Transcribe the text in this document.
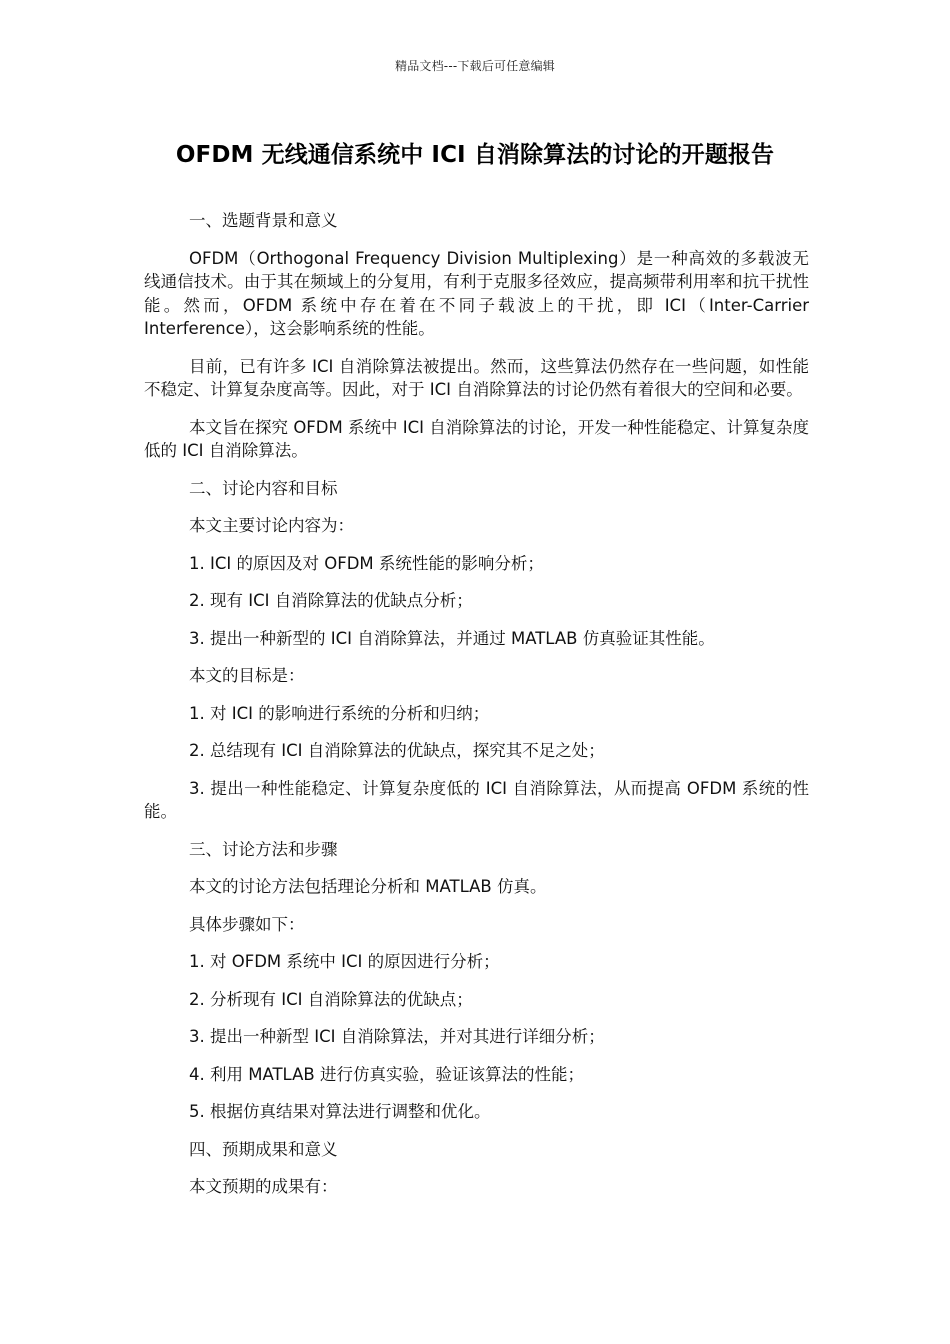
精品文档---下载后可任意编辑
OFDM 无线通信系统中 ICI 自消除算法的讨论的开题报告

一、选题背景和意义

OFDM（Orthogonal Frequency Division Multiplexing）是一种高效的多载波无线通信技术。由于其在频域上的分复用，有利于克服多径效应，提高频带利用率和抗干扰性能。然而，OFDM 系统中存在着在不同子载波上的干扰，即 ICI（Inter-Carrier Interference），这会影响系统的性能。

目前，已有许多 ICI 自消除算法被提出。然而，这些算法仍然存在一些问题，如性能不稳定、计算复杂度高等。因此，对于 ICI 自消除算法的讨论仍然有着很大的空间和必要。

本文旨在探究 OFDM 系统中 ICI 自消除算法的讨论，开发一种性能稳定、计算复杂度低的 ICI 自消除算法。

二、讨论内容和目标

本文主要讨论内容为：

1. ICI 的原因及对 OFDM 系统性能的影响分析；

2. 现有 ICI 自消除算法的优缺点分析；

3. 提出一种新型的 ICI 自消除算法，并通过 MATLAB 仿真验证其性能。

本文的目标是：

1. 对 ICI 的影响进行系统的分析和归纳；

2. 总结现有 ICI 自消除算法的优缺点，探究其不足之处；

3. 提出一种性能稳定、计算复杂度低的 ICI 自消除算法，从而提高 OFDM 系统的性能。

三、讨论方法和步骤

本文的讨论方法包括理论分析和 MATLAB 仿真。

具体步骤如下：

1. 对 OFDM 系统中 ICI 的原因进行分析；

2. 分析现有 ICI 自消除算法的优缺点；

3. 提出一种新型 ICI 自消除算法，并对其进行详细分析；

4. 利用 MATLAB 进行仿真实验，验证该算法的性能；

5. 根据仿真结果对算法进行调整和优化。

四、预期成果和意义

本文预期的成果有：
